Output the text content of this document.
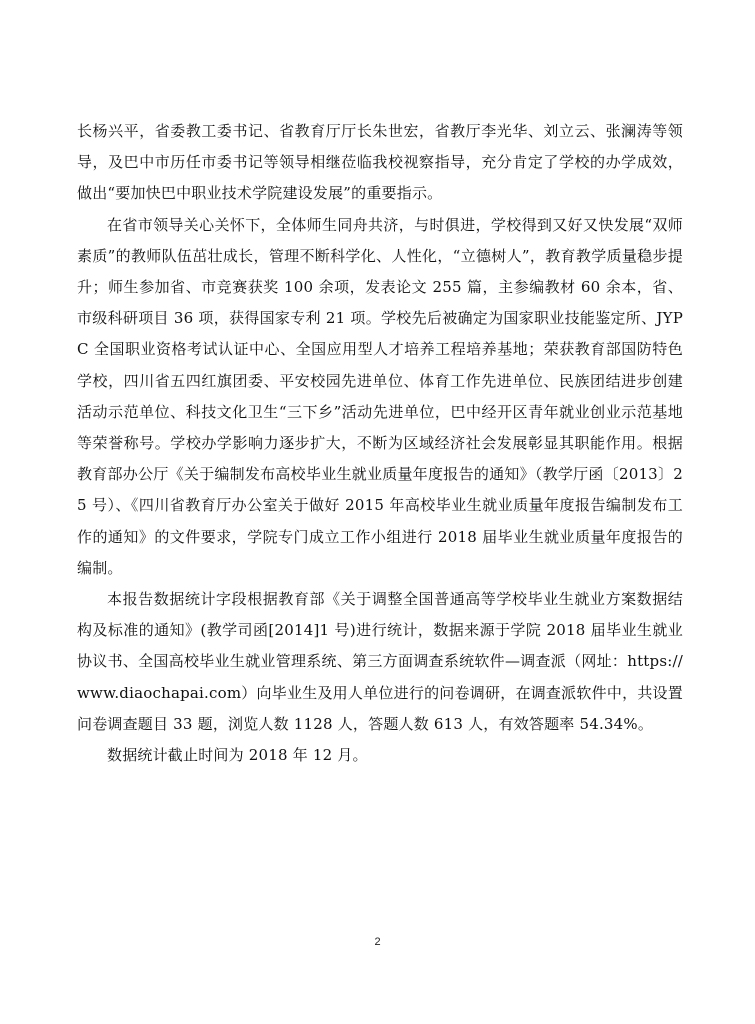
长杨兴平，省委教工委书记、省教育厅厅长朱世宏，省教厅李光华、刘立云、张澜涛等领导，及巴中市历任市委书记等领导相继莅临我校视察指导，充分肯定了学校的办学成效，做出“要加快巴中职业技术学院建设发展”的重要指示。

在省市领导关心关怀下，全体师生同舟共济，与时俱进，学校得到又好又快发展“双师素质”的教师队伍茁壮成长，管理不断科学化、人性化，“立德树人”，教育教学质量稳步提升；师生参加省、市竞赛获奖 100 余项，发表论文 255 篇，主参编教材 60 余本，省、市级科研项目 36 项，获得国家专利 21 项。学校先后被确定为国家职业技能鉴定所、JYPC 全国职业资格考试认证中心、全国应用型人才培养工程培养基地；荣获教育部国防特色学校，四川省五四红旗团委、平安校园先进单位、体育工作先进单位、民族团结进步创建活动示范单位、科技文化卫生“三下乡”活动先进单位，巴中经开区青年就业创业示范基地等荣誉称号。学校办学影响力逐步扩大，不断为区域经济社会发展彰显其职能作用。根据教育部办公厅《关于编制发布高校毕业生就业质量年度报告的通知》（教学厅函〔2013〕25 号）、《四川省教育厅办公室关于做好 2015 年高校毕业生就业质量年度报告编制发布工作的通知》的文件要求，学院专门成立工作小组进行 2018 届毕业生就业质量年度报告的编制。

本报告数据统计字段根据教育部《关于调整全国普通高等学校毕业生就业方案数据结构及标准的通知》(教学司函[2014]1 号)进行统计，数据来源于学院 2018 届毕业生就业协议书、全国高校毕业生就业管理系统、第三方面调查系统软件—调查派（网址：https://www.diaochapai.com）向毕业生及用人单位进行的问卷调研，在调查派软件中，共设置问卷调查题目 33 题，浏览人数 1128 人，答题人数 613 人，有效答题率 54.34%。

数据统计截止时间为 2018 年 12 月。

2
